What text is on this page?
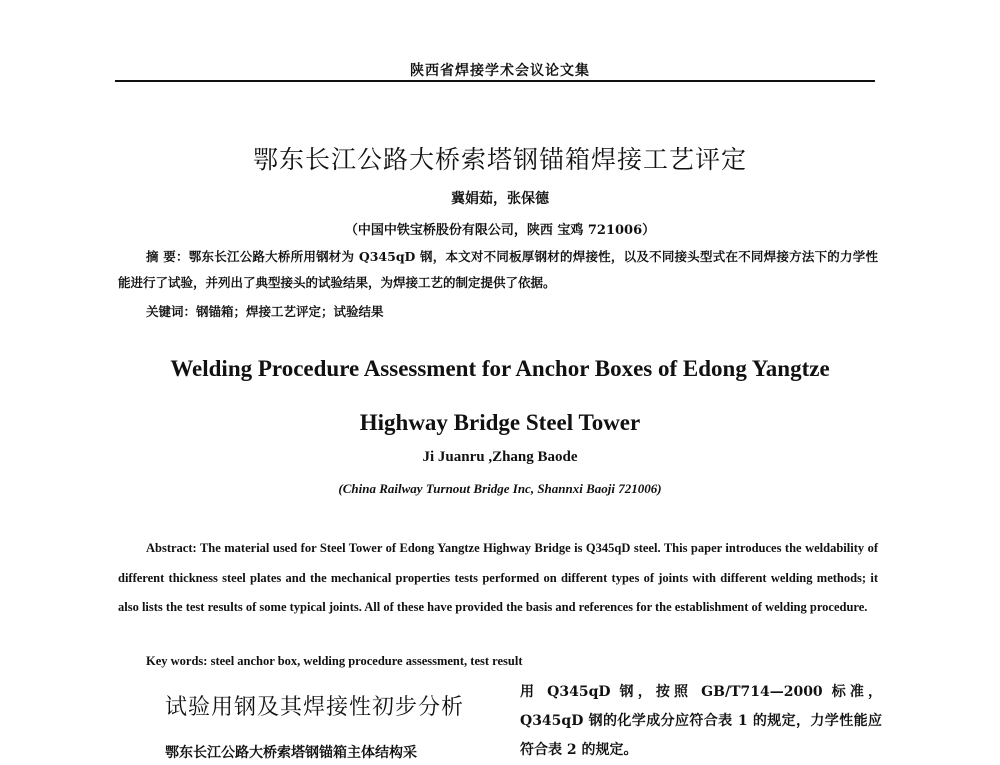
陕西省焊接学术会议论文集
鄂东长江公路大桥索塔钢锚箱焊接工艺评定
冀娟茹，张保德
（中国中铁宝桥股份有限公司，陕西 宝鸡 721006）
摘 要：鄂东长江公路大桥所用钢材为 Q345qD 钢，本文对不同板厚钢材的焊接性，以及不同接头型式在不同焊接方法下的力学性能进行了试验，并列出了典型接头的试验结果，为焊接工艺的制定提供了依据。
关键词：钢锚箱；焊接工艺评定；试验结果
Welding Procedure Assessment for Anchor Boxes of Edong Yangtze
Highway Bridge Steel Tower
Ji Juanru ,Zhang Baode
(China Railway Turnout Bridge Inc, Shannxi Baoji 721006)
Abstract: The material used for Steel Tower of Edong Yangtze Highway Bridge is Q345qD steel. This paper introduces the weldability of different thickness steel plates and the mechanical properties tests performed on different types of joints with different welding methods; it also lists the test results of some typical joints. All of these have provided the basis and references for the establishment of welding procedure.
Key words: steel anchor box, welding procedure assessment, test result
试验用钢及其焊接性初步分析
鄂东长江公路大桥索塔钢锚箱主体结构采
用 Q345qD 钢，按照 GB/T714—2000 标准，Q345qD 钢的化学成分应符合表 1 的规定，力学性能应符合表 2 的规定。
